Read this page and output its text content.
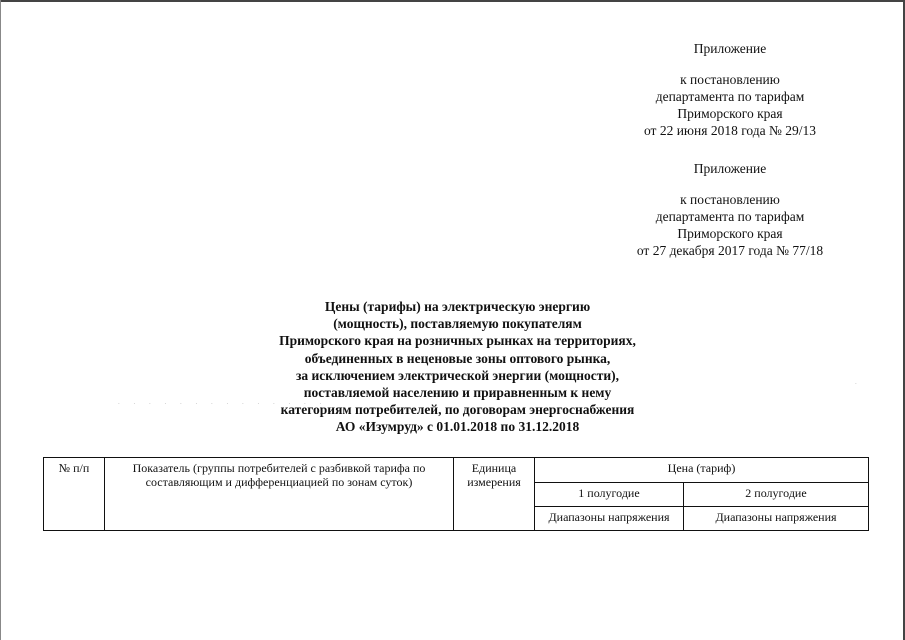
Приложение
к постановлению
департамента по тарифам
Приморского края
от 22 июня 2018 года № 29/13
Приложение
к постановлению
департамента по тарифам
Приморского края
от 27 декабря 2017 года № 77/18
Цены (тарифы) на электрическую энергию
(мощность), поставляемую покупателям
Приморского края на розничных рынках на территориях,
объединенных в неценовые зоны оптового рынка,
за исключением электрической энергии (мощности),
поставляемой населению и приравненным к нему
категориям потребителей, по договорам энергоснабжения
АО «Изумруд» с 01.01.2018 по 31.12.2018
. . . . . . . . . . . . . .
.
№ п/п	Показатель (группы потребителей с разбивкой тарифа по составляющим и дифференциацией по зонам суток)	Единица измерения	Цена (тариф)	
			1 полугодие	2 полугодие
			Диапазоны напряжения	Диапазоны напряжения
